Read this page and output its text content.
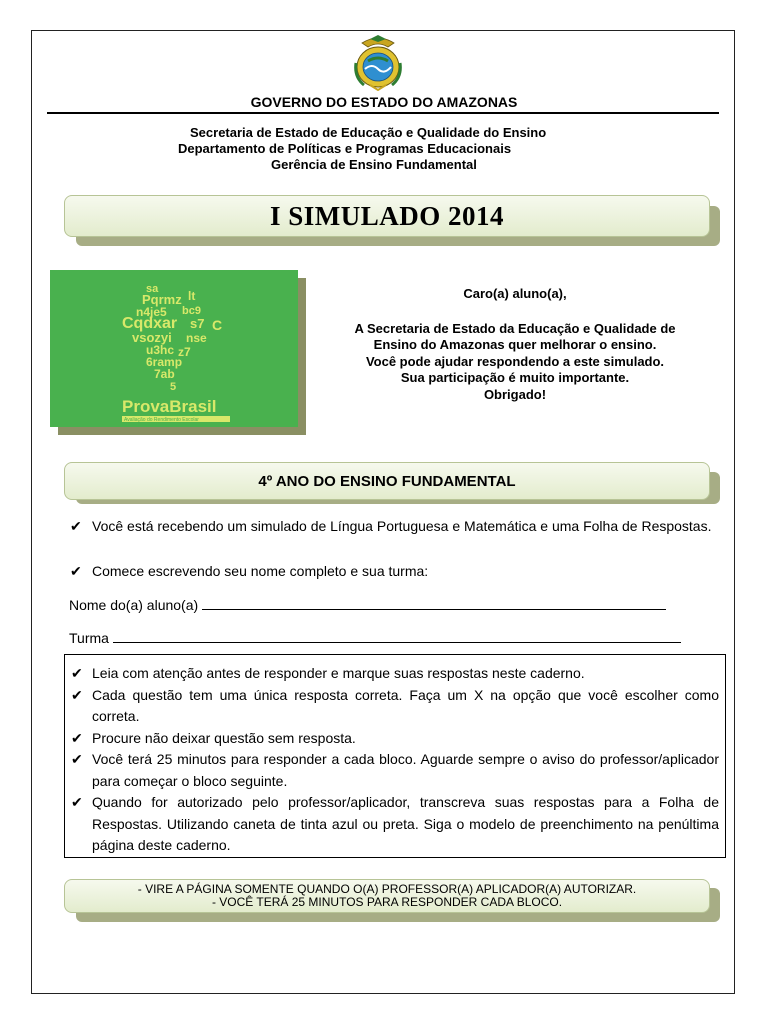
GOVERNO DO ESTADO DO AMAZONAS
Secretaria de Estado de Educação e Qualidade do Ensino
Departamento de Políticas e Programas Educacionais
Gerência de Ensino Fundamental
I SIMULADO 2014
sa
Pqrmz lt
n4je5 bc9
Cqdxar s7 C
vsozyi nse
u3hc z7
6ramp
7ab
5
ProvaBrasil
Avaliação do Rendimento Escolar

Caro(a) aluno(a),

A Secretaria de Estado da Educação e Qualidade de

Ensino do Amazonas quer melhorar o ensino.

Você pode ajudar respondendo a este simulado.

Sua participação é muito importante.

Obrigado!

4º ANO DO ENSINO FUNDAMENTAL
✔ Você está recebendo um simulado de Língua Portuguesa e Matemática e uma Folha de Respostas.
✔ Comece escrevendo seu nome completo e sua turma:
Nome do(a) aluno(a)
Turma
✔ Leia com atenção antes de responder e marque suas respostas neste caderno.
✔ Cada questão tem uma única resposta correta. Faça um X na opção que você escolher como correta.
✔ Procure não deixar questão sem resposta.
✔ Você terá 25 minutos para responder a cada bloco. Aguarde sempre o aviso do professor/aplicador para começar o bloco seguinte.
✔ Quando for autorizado pelo professor/aplicador, transcreva suas respostas para a Folha de Respostas. Utilizando caneta de tinta azul ou preta. Siga o modelo de preenchimento na penúltima página deste caderno.
- VIRE A PÁGINA SOMENTE QUANDO O(A) PROFESSOR(A) APLICADOR(A) AUTORIZAR.
- VOCÊ TERÁ 25 MINUTOS PARA RESPONDER CADA BLOCO.
